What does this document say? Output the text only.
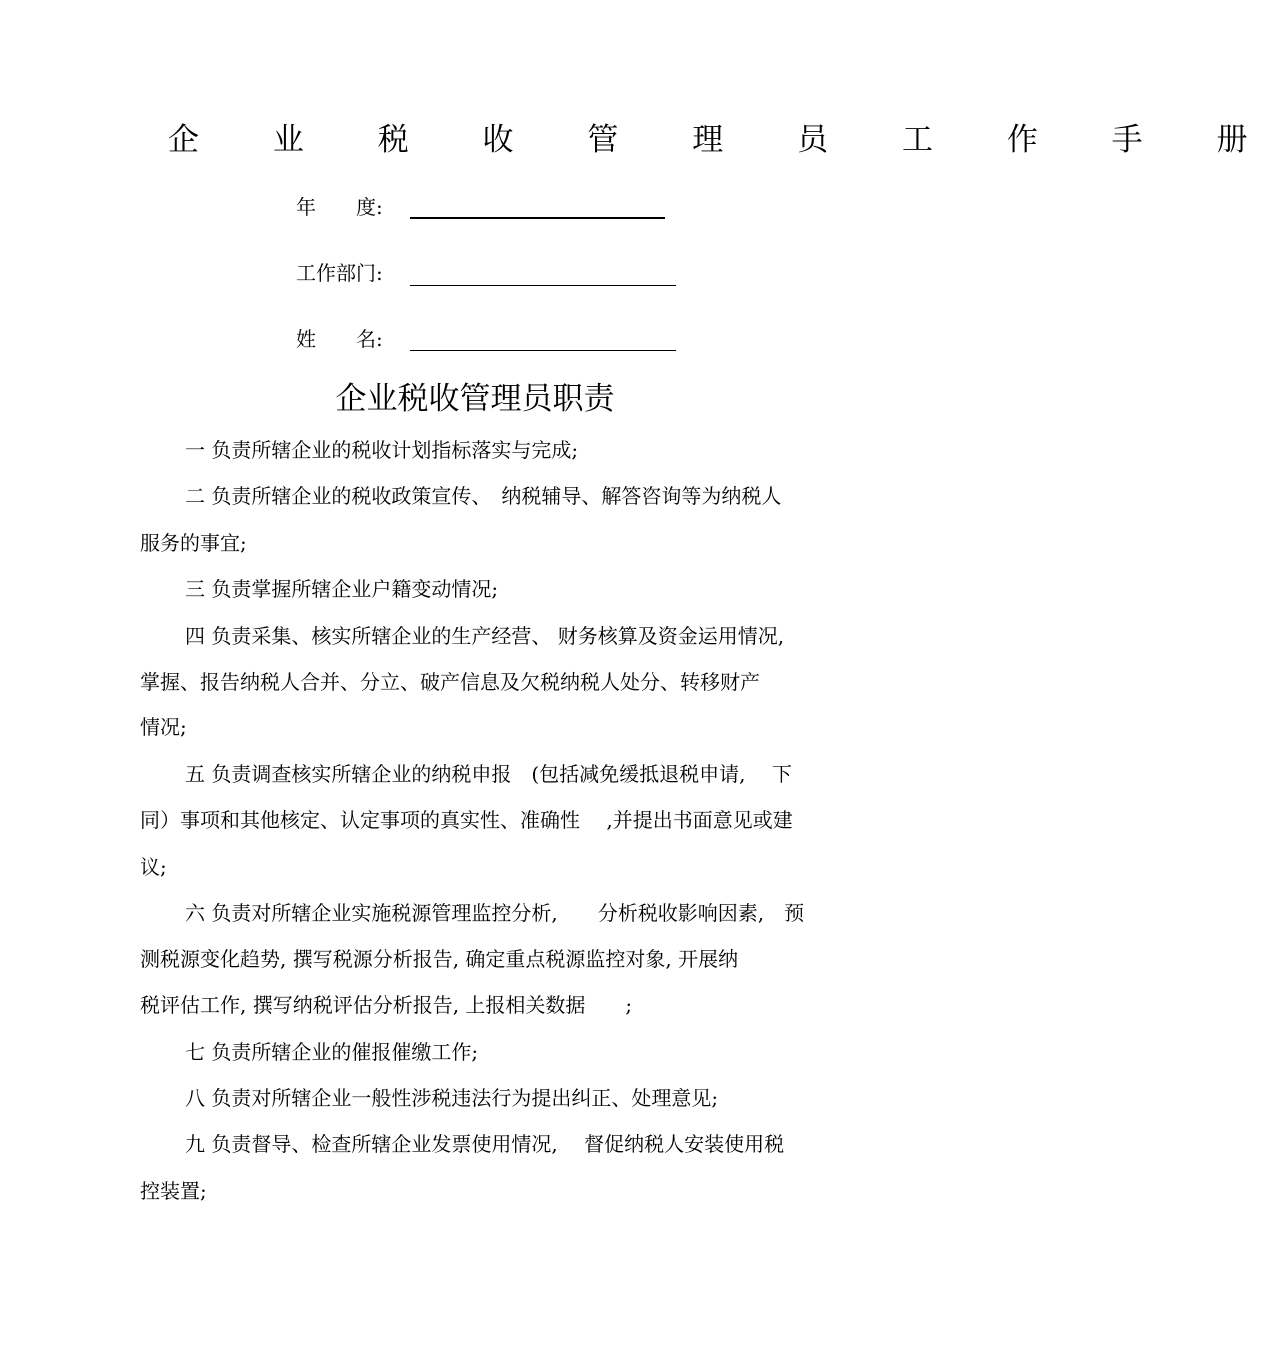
企 业 税 收 管 理 员 工 作 手 册
年　　度:
工作部门:
姓　　名:
企业税收管理员职责
一 负责所辖企业的税收计划指标落实与完成;
二 负责所辖企业的税收政策宣传、　纳税辅导、解答咨询等为纳税人
服务的事宜;
三 负责掌握所辖企业户籍变动情况;
四 负责采集、核实所辖企业的生产经营、 财务核算及资金运用情况,
掌握、报告纳税人合并、分立、破产信息及欠税纳税人处分、转移财产
情况;
五 负责调查核实所辖企业的纳税申报　(包括减免缓抵退税申请,　 下
同）事项和其他核定、认定事项的真实性、准确性　 ,并提出书面意见或建
议;
六 负责对所辖企业实施税源管理监控分析,　　分析税收影响因素,　预
测税源变化趋势, 撰写税源分析报告, 确定重点税源监控对象, 开展纳
税评估工作, 撰写纳税评估分析报告, 上报相关数据　　;
七 负责所辖企业的催报催缴工作;
八 负责对所辖企业一般性涉税违法行为提出纠正、处理意见;
九 负责督导、检查所辖企业发票使用情况,　 督促纳税人安装使用税
控装置;
